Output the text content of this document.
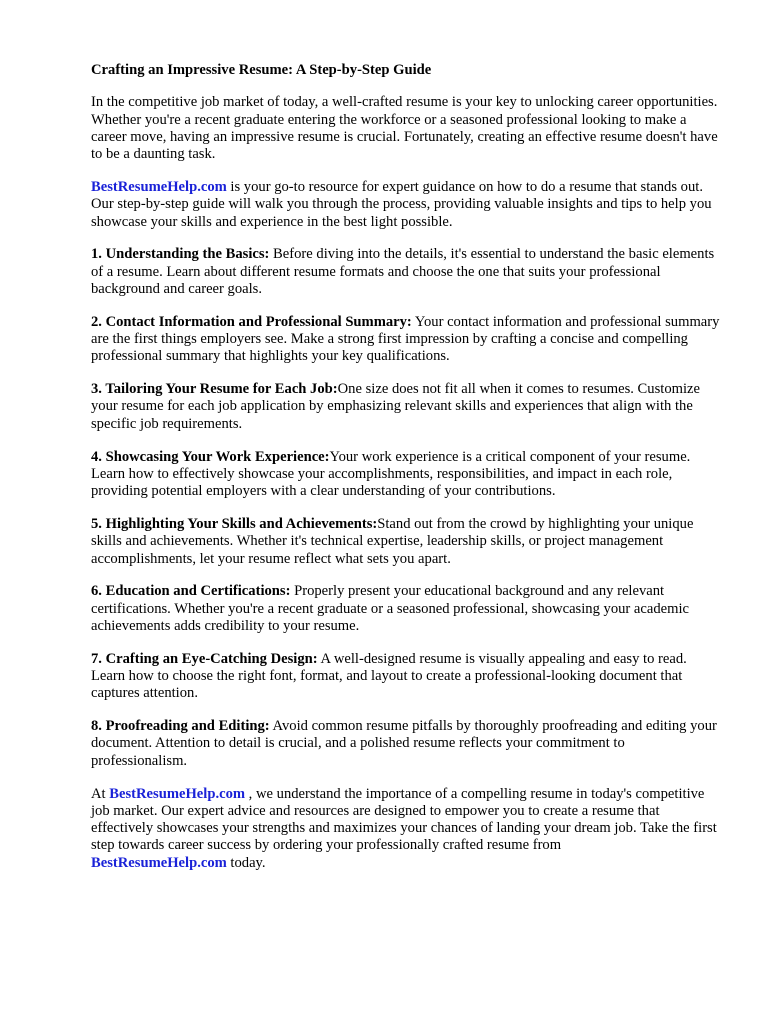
Crafting an Impressive Resume: A Step-by-Step Guide

In the competitive job market of today, a well-crafted resume is your key to unlocking career opportunities. Whether you're a recent graduate entering the workforce or a seasoned professional looking to make a career move, having an impressive resume is crucial. Fortunately, creating an effective resume doesn't have to be a daunting task.

BestResumeHelp.com is your go-to resource for expert guidance on how to do a resume that stands out. Our step-by-step guide will walk you through the process, providing valuable insights and tips to help you showcase your skills and experience in the best light possible.

1. Understanding the Basics: Before diving into the details, it's essential to understand the basic elements of a resume. Learn about different resume formats and choose the one that suits your professional background and career goals.

2. Contact Information and Professional Summary: Your contact information and professional summary are the first things employers see. Make a strong first impression by crafting a concise and compelling professional summary that highlights your key qualifications.

3. Tailoring Your Resume for Each Job:One size does not fit all when it comes to resumes. Customize your resume for each job application by emphasizing relevant skills and experiences that align with the specific job requirements.

4. Showcasing Your Work Experience:Your work experience is a critical component of your resume. Learn how to effectively showcase your accomplishments, responsibilities, and impact in each role, providing potential employers with a clear understanding of your contributions.

5. Highlighting Your Skills and Achievements:Stand out from the crowd by highlighting your unique skills and achievements. Whether it's technical expertise, leadership skills, or project management accomplishments, let your resume reflect what sets you apart.

6. Education and Certifications: Properly present your educational background and any relevant certifications. Whether you're a recent graduate or a seasoned professional, showcasing your academic achievements adds credibility to your resume.

7. Crafting an Eye-Catching Design: A well-designed resume is visually appealing and easy to read. Learn how to choose the right font, format, and layout to create a professional-looking document that captures attention.

8. Proofreading and Editing: Avoid common resume pitfalls by thoroughly proofreading and editing your document. Attention to detail is crucial, and a polished resume reflects your commitment to professionalism.

At BestResumeHelp.com , we understand the importance of a compelling resume in today's competitive job market. Our expert advice and resources are designed to empower you to create a resume that effectively showcases your strengths and maximizes your chances of landing your dream job. Take the first step towards career success by ordering your professionally crafted resume from
BestResumeHelp.com today.
